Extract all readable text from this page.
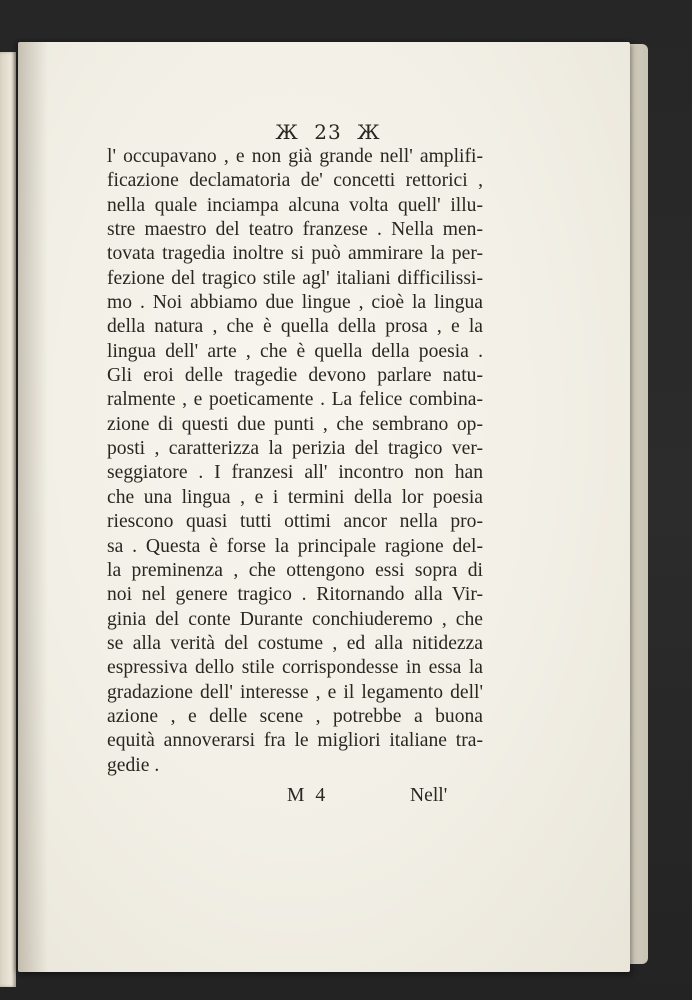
Ж 23 Ж
l' occupavano , e non già grande nell' amplifi-
ficazione declamatoria de' concetti rettorici ,
nella quale inciampa alcuna volta quell' illu-
stre maestro del teatro franzese . Nella men-
tovata tragedia inoltre si può ammirare la per-
fezione del tragico stile agl' italiani difficilissi-
mo . Noi abbiamo due lingue , cioè la lingua
della natura , che è quella della prosa , e la
lingua dell' arte , che è quella della poesia .
Gli eroi delle tragedie devono parlare natu-
ralmente , e poeticamente . La felice combina-
zione di questi due punti , che sembrano op-
posti , caratterizza la perizia del tragico ver-
seggiatore . I franzesi all' incontro non han
che una lingua , e i termini della lor poesia
riescono quasi tutti ottimi ancor nella pro-
sa . Questa è forse la principale ragione del-
la preminenza , che ottengono essi sopra di
noi nel genere tragico . Ritornando alla Vir-
ginia del conte Durante conchiuderemo , che
se alla verità del costume , ed alla nitidezza
espressiva dello stile corrispondesse in essa la
gradazione dell' interesse , e il legamento dell'
azione , e delle scene , potrebbe a buona
equità annoverarsi fra le migliori italiane tra-
gedie .
M 4	Nell'
